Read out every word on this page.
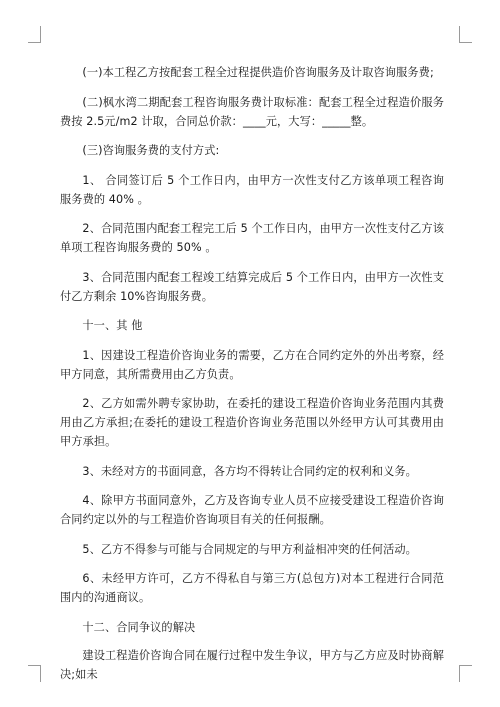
(一)本工程乙方按配套工程全过程提供造价咨询服务及计取咨询服务费;

(二)枫水湾二期配套工程咨询服务费计取标准：配套工程全过程造价服务费按 2.5元/m2 计取，合同总价款：____元，大写：_____整。

(三)咨询服务费的支付方式:

1、 合同签订后 5 个工作日内，由甲方一次性支付乙方该单项工程咨询服务费的 40% 。

2、合同范围内配套工程完工后 5 个工作日内，由甲方一次性支付乙方该单项工程咨询服务费的 50% 。

3、合同范围内配套工程竣工结算完成后 5 个工作日内，由甲方一次性支付乙方剩余 10%咨询服务费。

十一、其 他

1、因建设工程造价咨询业务的需要，乙方在合同约定外的外出考察，经甲方同意，其所需费用由乙方负责。

2、乙方如需外聘专家协助，在委托的建设工程造价咨询业务范围内其费用由乙方承担;在委托的建设工程造价咨询业务范围以外经甲方认可其费用由甲方承担。

3、未经对方的书面同意，各方均不得转让合同约定的权利和义务。

4、除甲方书面同意外，乙方及咨询专业人员不应接受建设工程造价咨询合同约定以外的与工程造价咨询项目有关的任何报酬。

5、乙方不得参与可能与合同规定的与甲方利益相冲突的任何活动。

6、未经甲方许可，乙方不得私自与第三方(总包方)对本工程进行合同范围内的沟通商议。

十二、合同争议的解决

建设工程造价咨询合同在履行过程中发生争议，甲方与乙方应及时协商解决;如未
